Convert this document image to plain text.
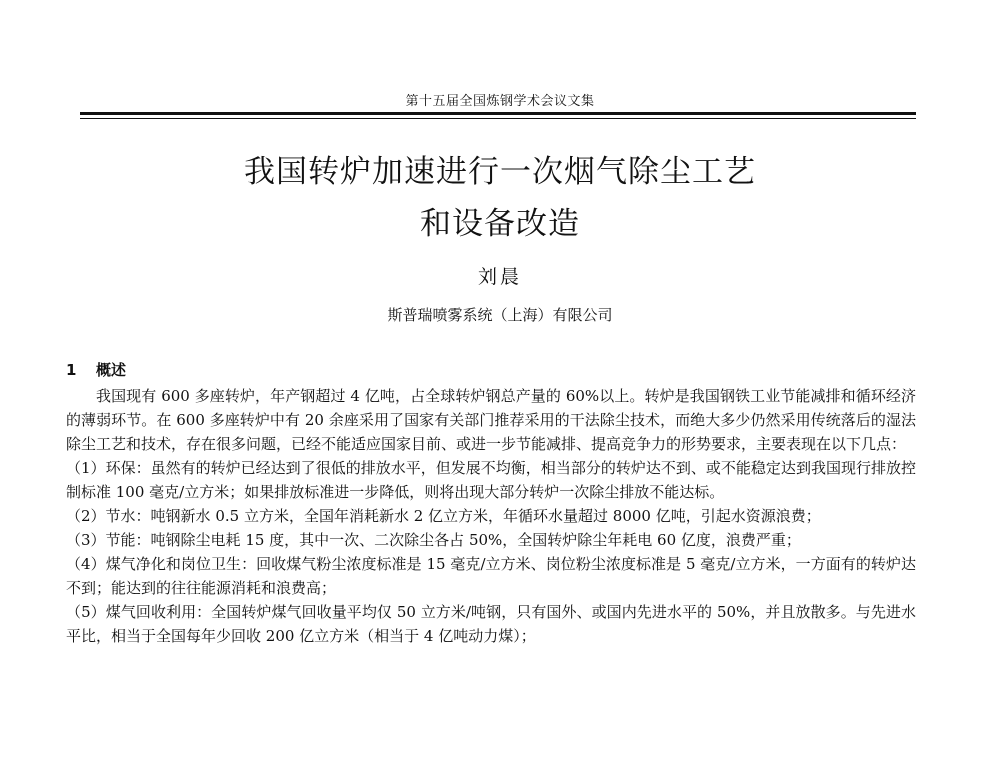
第十五届全国炼钢学术会议文集
我国转炉加速进行一次烟气除尘工艺
和设备改造
刘晨
斯普瑞喷雾系统（上海）有限公司
1 概述

我国现有 600 多座转炉，年产钢超过 4 亿吨，占全球转炉钢总产量的 60%以上。转炉是我国钢铁工业节能减排和循环经济的薄弱环节。在 600 多座转炉中有 20 余座采用了国家有关部门推荐采用的干法除尘技术，而绝大多少仍然采用传统落后的湿法除尘工艺和技术，存在很多问题，已经不能适应国家目前、或进一步节能减排、提高竞争力的形势要求，主要表现在以下几点：

（1）环保：虽然有的转炉已经达到了很低的排放水平，但发展不均衡，相当部分的转炉达不到、或不能稳定达到我国现行排放控制标准 100 毫克/立方米；如果排放标准进一步降低，则将出现大部分转炉一次除尘排放不能达标。

（2）节水：吨钢新水 0.5 立方米，全国年消耗新水 2 亿立方米，年循环水量超过 8000 亿吨，引起水资源浪费；

（3）节能：吨钢除尘电耗 15 度，其中一次、二次除尘各占 50%，全国转炉除尘年耗电 60 亿度，浪费严重；

（4）煤气净化和岗位卫生：回收煤气粉尘浓度标准是 15 毫克/立方米、岗位粉尘浓度标准是 5 毫克/立方米，一方面有的转炉达不到；能达到的往往能源消耗和浪费高；

（5）煤气回收利用：全国转炉煤气回收量平均仅 50 立方米/吨钢，只有国外、或国内先进水平的 50%，并且放散多。与先进水平比，相当于全国每年少回收 200 亿立方米（相当于 4 亿吨动力煤）；
